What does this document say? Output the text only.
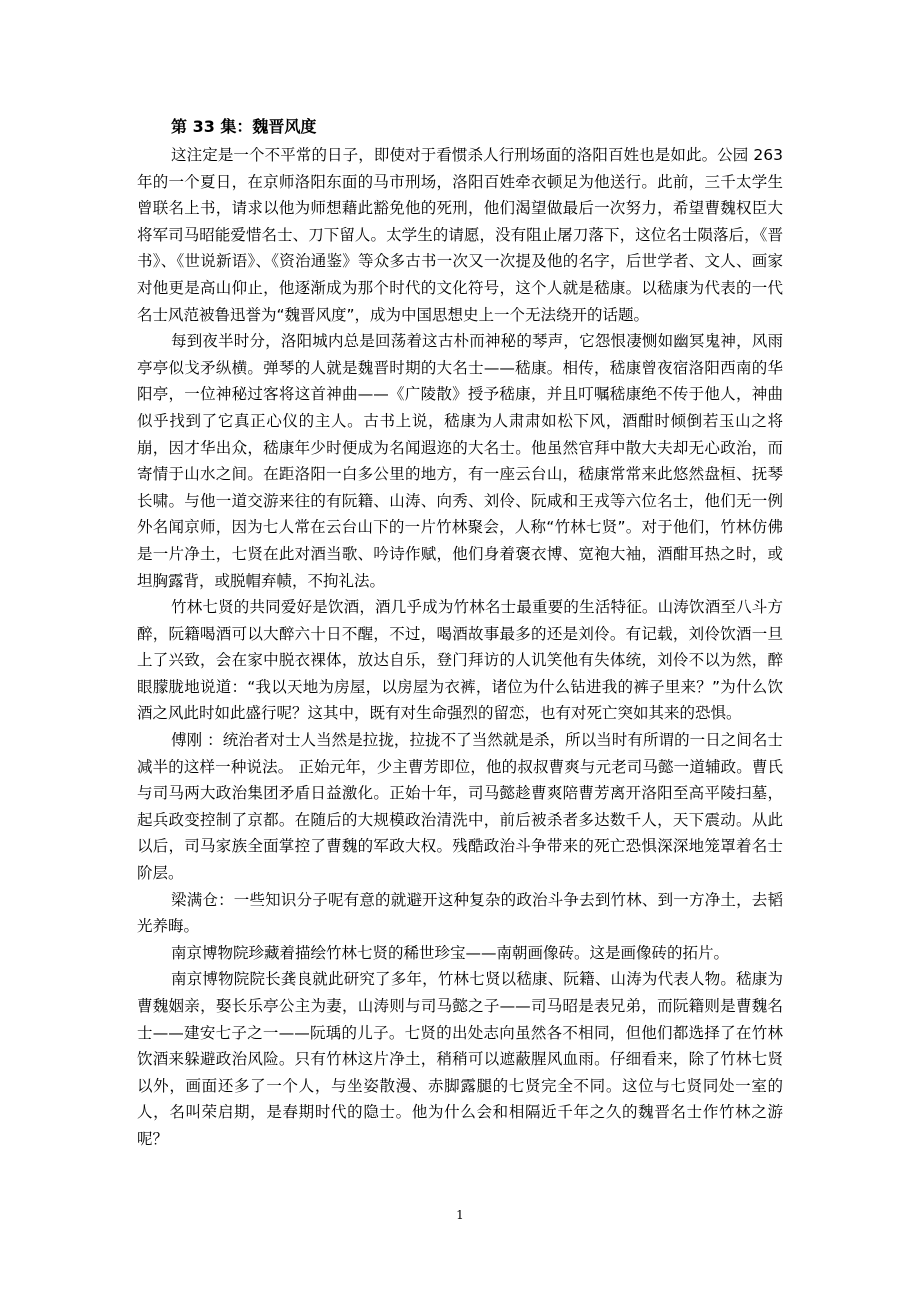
第 33 集：魏晋风度

这注定是一个不平常的日子，即使对于看惯杀人行刑场面的洛阳百姓也是如此。公园 263 年的一个夏日，在京师洛阳东面的马市刑场，洛阳百姓牵衣顿足为他送行。此前，三千太学生曾联名上书，请求以他为师想藉此豁免他的死刑，他们渴望做最后一次努力，希望曹魏权臣大将军司马昭能爱惜名士、刀下留人。太学生的请愿，没有阻止屠刀落下，这位名士陨落后，《晋书》、《世说新语》、《资治通鉴》等众多古书一次又一次提及他的名字，后世学者、文人、画家对他更是高山仰止，他逐渐成为那个时代的文化符号，这个人就是嵇康。以嵇康为代表的一代名士风范被鲁迅誉为“魏晋风度”，成为中国思想史上一个无法绕开的话题。

每到夜半时分，洛阳城内总是回荡着这古朴而神秘的琴声，它怨恨凄恻如幽冥鬼神，风雨亭亭似戈矛纵横。弹琴的人就是魏晋时期的大名士——嵇康。相传，嵇康曾夜宿洛阳西南的华阳亭，一位神秘过客将这首神曲——《广陵散》授予嵇康，并且叮嘱嵇康绝不传于他人，神曲似乎找到了它真正心仪的主人。古书上说，嵇康为人肃肃如松下风，酒酣时倾倒若玉山之将崩，因才华出众，嵇康年少时便成为名闻遐迩的大名士。他虽然官拜中散大夫却无心政治，而寄情于山水之间。在距洛阳一白多公里的地方，有一座云台山，嵇康常常来此悠然盘桓、抚琴长啸。与他一道交游来往的有阮籍、山涛、向秀、刘伶、阮咸和王戎等六位名士，他们无一例外名闻京师，因为七人常在云台山下的一片竹林聚会，人称“竹林七贤”。对于他们，竹林仿佛是一片净土，七贤在此对酒当歌、吟诗作赋，他们身着褒衣博、宽袍大袖，酒酣耳热之时，或坦胸露背，或脱帽弃帻，不拘礼法。

竹林七贤的共同爱好是饮酒，酒几乎成为竹林名士最重要的生活特征。山涛饮酒至八斗方醉，阮籍喝酒可以大醉六十日不醒，不过，喝酒故事最多的还是刘伶。有记载，刘伶饮酒一旦上了兴致，会在家中脱衣裸体，放达自乐，登门拜访的人讥笑他有失体统，刘伶不以为然，醉眼朦胧地说道：“我以天地为房屋，以房屋为衣裤，诸位为什么钻进我的裤子里来？”为什么饮酒之风此时如此盛行呢？这其中，既有对生命强烈的留恋，也有对死亡突如其来的恐惧。

傅刚 ：统治者对士人当然是拉拢，拉拢不了当然就是杀，所以当时有所谓的一日之间名士减半的这样一种说法。 正始元年，少主曹芳即位，他的叔叔曹爽与元老司马懿一道辅政。曹氏与司马两大政治集团矛盾日益激化。正始十年，司马懿趁曹爽陪曹芳离开洛阳至高平陵扫墓，起兵政变控制了京都。在随后的大规模政治清洗中，前后被杀者多达数千人，天下震动。从此以后，司马家族全面掌控了曹魏的军政大权。残酷政治斗争带来的死亡恐惧深深地笼罩着名士阶层。

梁满仓：一些知识分子呢有意的就避开这种复杂的政治斗争去到竹林、到一方净土，去韬光养晦。

南京博物院珍藏着描绘竹林七贤的稀世珍宝——南朝画像砖。这是画像砖的拓片。

南京博物院院长龚良就此研究了多年，竹林七贤以嵇康、阮籍、山涛为代表人物。嵇康为曹魏姻亲，娶长乐亭公主为妻，山涛则与司马懿之子——司马昭是表兄弟，而阮籍则是曹魏名士——建安七子之一——阮瑀的儿子。七贤的出处志向虽然各不相同，但他们都选择了在竹林饮酒来躲避政治风险。只有竹林这片净土，稍稍可以遮蔽腥风血雨。仔细看来，除了竹林七贤以外，画面还多了一个人，与坐姿散漫、赤脚露腿的七贤完全不同。这位与七贤同处一室的人，名叫荣启期，是春期时代的隐士。他为什么会和相隔近千年之久的魏晋名士作竹林之游呢？

1
